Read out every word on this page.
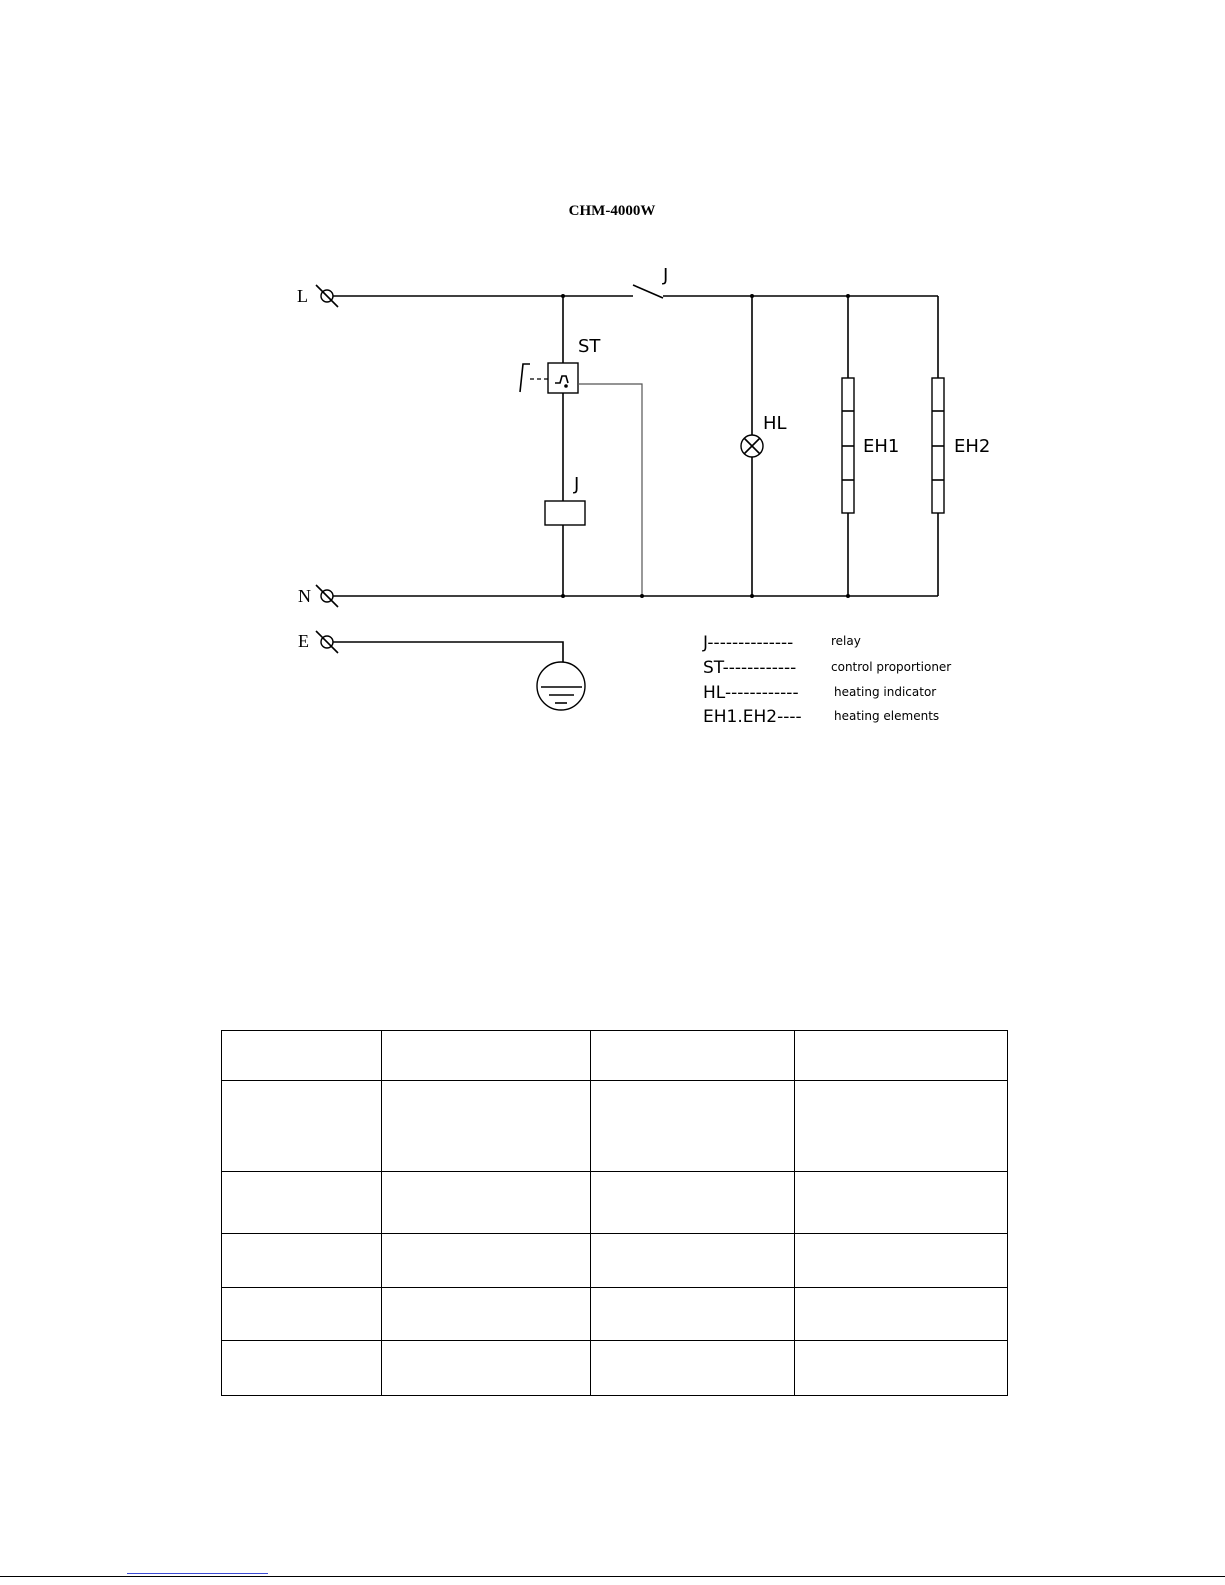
CHM-4000W
L
J
ST
J
HL
EH1	EH2
N
E	J--------------	relay
ST------------	control proportioner
HL------------	heating indicator
EH1.EH2----	heating elements
